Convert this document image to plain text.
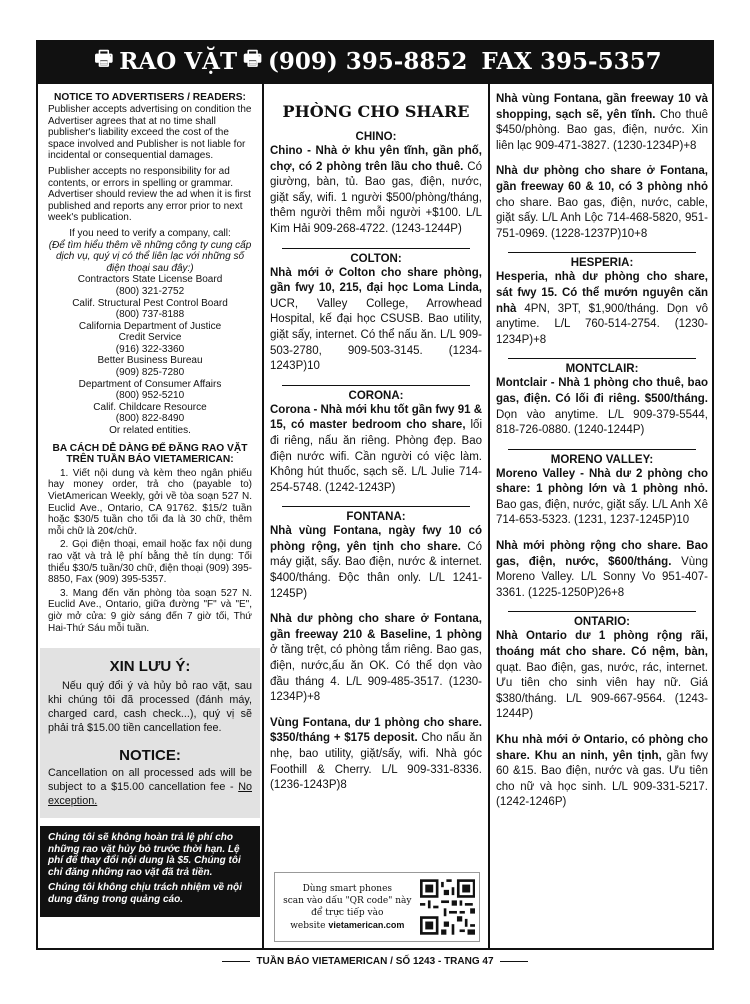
🖶 RAO VẶT 🖶 (909) 395-8852 FAX 395-5357
NOTICE TO ADVERTISERS / READERS:

Publisher accepts advertising on condition the Advertiser agrees that at no time shall publisher's liability exceed the cost of the space involved and Publisher is not liable for incidental or consequential damages.

Publisher accepts no responsibility for ad contents, or errors in spelling or grammar. Advertiser should review the ad when it is first published and reports any error prior to next week's publication.

If you need to verify a company, call:
(Để tìm hiểu thêm về những công ty cung cấp dịch vụ, quý vị có thể liên lạc với những số điện thoại sau đây:)
Contractors State License Board
(800) 321-2752
Calif. Structural Pest Control Board
(800) 737-8188
California Department of Justice
Credit Service
(916) 322-3360
Better Business Bureau
(909) 825-7280
Department of Consumer Affairs
(800) 952-5210
Calif. Childcare Resource
(800) 822-8490
Or related entities.
BA CÁCH DỄ DÀNG ĐỂ ĐĂNG RAO VẶT TRÊN TUẦN BÁO VIETAMERICAN:

1. Viết nội dung và kèm theo ngân phiếu hay money order, trả cho (payable to) VietAmerican Weekly, gởi về tòa soạn 527 N. Euclid Ave., Ontario, CA 91762. $15/2 tuần hoặc $30/5 tuần cho tối đa là 30 chữ, thêm mỗi chữ là 20¢/chữ.

2. Gọi điện thoại, email hoặc fax nội dung rao vặt và trả lệ phí bằng thẻ tín dụng: Tối thiểu $30/5 tuần/30 chữ, điện thoại (909) 395-8850, Fax (909) 395-5357.

3. Mang đến văn phòng tòa soạn 527 N. Euclid Ave., Ontario, giữa đường "F" và "E", giờ mở cửa: 9 giờ sáng đến 7 giờ tối, Thứ Hai-Thứ Sáu mỗi tuần.

XIN LƯU Ý:

Nếu quý đổi ý và hủy bỏ rao vặt, sau khi chúng tôi đã processed (đánh máy, charged card, cash check...), quý vị sẽ phải trả $15.00 tiền cancellation fee.

NOTICE:

Cancellation on all processed ads will be subject to a $15.00 cancellation fee - No exception.

Chúng tôi sẽ không hoàn trả lệ phí cho những rao vặt hủy bỏ trước thời hạn. Lệ phí để thay đổi nội dung là $5. Chúng tôi chỉ đăng những rao vặt đã trả tiền.

Chúng tôi không chịu trách nhiệm về nội dung đăng trong quảng cáo.

PHÒNG CHO SHARE
CHINO:

Chino - Nhà ở khu yên tĩnh, gần phố, chợ, có 2 phòng trên lầu cho thuê. Có giường, bàn, tủ. Bao gas, điện, nước, giặt sấy, wifi. 1 người $500/phòng/tháng, thêm người thêm mỗi người +$100. L/L Kim Hải 909-268-4722. (1243-1244P)

COLTON:

Nhà mới ở Colton cho share phòng, gần fwy 10, 215, đại học Loma Linda, UCR, Valley College, Arrowhead Hospital, kế đại học CSUSB. Bao utility, giặt sấy, internet. Có thể nấu ăn. L/L 909-503-2780, 909-503-3145. (1234-1243P)10

CORONA:

Corona - Nhà mới khu tốt gần fwy 91 & 15, có master bedroom cho share, lối đi riêng, nấu ăn riêng. Phòng đẹp. Bao điện nước wifi. Cần người có việc làm. Không hút thuốc, sạch sẽ. L/L Julie 714-254-5748. (1242-1243P)

FONTANA:

Nhà vùng Fontana, ngày fwy 10 có phòng rộng, yên tịnh cho share. Có máy giặt, sấy. Bao điện, nước & internet. $400/tháng. Độc thân only. L/L 1241-1245P)

Nhà dư phòng cho share ở Fontana, gần freeway 210 & Baseline, 1 phòng ở tầng trệt, có phòng tắm riêng. Bao gas, điện, nước,ấu ăn OK. Có thể dọn vào đầu tháng 4. L/L 909-485-3517. (1230-1234P)+8

Vùng Fontana, dư 1 phòng cho share. $350/tháng + $175 deposit. Cho nấu ăn nhẹ, bao utility, giặt/sấy, wifi. Nhà góc Foothill & Cherry. L/L 909-331-8336. (1236-1243P)8

Nhà vùng Fontana, gần freeway 10 và shopping, sạch sẽ, yên tĩnh. Cho thuê $450/phòng. Bao gas, điện, nước. Xin liên lạc 909-471-3827. (1230-1234P)+8

Nhà dư phòng cho share ở Fontana, gần freeway 60 & 10, có 3 phòng nhỏ cho share. Bao gas, điện, nước, cable, giặt sấy. L/L Anh Lộc 714-468-5820, 951-751-0969. (1228-1237P)10+8

HESPERIA:

Hesperia, nhà dư phòng cho share, sát fwy 15. Có thể mướn nguyên căn nhà 4PN, 3PT, $1,900/tháng. Dọn vô anytime. L/L 760-514-2754. (1230-1234P)+8

MONTCLAIR:

Montclair - Nhà 1 phòng cho thuê, bao gas, điện. Có lối đi riêng. $500/tháng. Dọn vào anytime. L/L 909-379-5544, 818-726-0880. (1240-1244P)

MORENO VALLEY:

Moreno Valley - Nhà dư 2 phòng cho share: 1 phòng lớn và 1 phòng nhỏ. Bao gas, điện, nước, giặt sấy. L/L Anh Xê 714-653-5323. (1231, 1237-1245P)10

Nhà mới phòng rộng cho share. Bao gas, điện, nước, $600/tháng. Vùng Moreno Valley. L/L Sonny Vo 951-407-3361. (1225-1250P)26+8

ONTARIO:

Nhà Ontario dư 1 phòng rộng rãi, thoáng mát cho share. Có nệm, bàn, quạt. Bao điện, gas, nước, rác, internet. Ưu tiên cho sinh viên hay nữ. Giá $380/tháng. L/L 909-667-9564. (1243-1244P)

Khu nhà mới ở Ontario, có phòng cho share. Khu an ninh, yên tịnh, gần fwy 60 &15. Bao điện, nước và gas. Ưu tiên cho nữ và học sinh. L/L 909-331-5217. (1242-1246P)

Dùng smart phones
scan vào dấu "QR code" này
để trực tiếp vào
website vietamerican.com
TUẦN BÁO VIETAMERICAN / SỐ 1243 - TRANG 47
